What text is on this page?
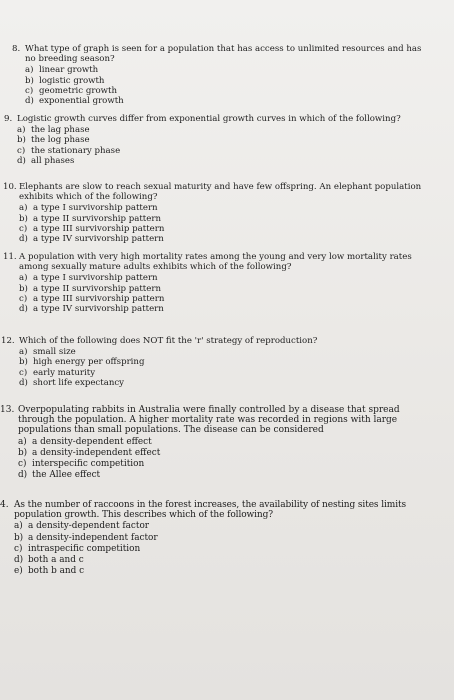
8. What type of graph is seen for a population that has access to unlimited resources and has no breeding season?
a) linear growth
b) logistic growth
c) geometric growth
d) exponential growth
9. Logistic growth curves differ from exponential growth curves in which of the following?
a) the lag phase
b) the log phase
c) the stationary phase
d) all phases
10. Elephants are slow to reach sexual maturity and have few offspring. An elephant population exhibits which of the following?
a) a type I survivorship pattern
b) a type II survivorship pattern
c) a type III survivorship pattern
d) a type IV survivorship pattern
11. A population with very high mortality rates among the young and very low mortality rates among sexually mature adults exhibits which of the following?
a) a type I survivorship pattern
b) a type II survivorship pattern
c) a type III survivorship pattern
d) a type IV survivorship pattern
12. Which of the following does NOT fit the 'r' strategy of reproduction?
a) small size
b) high energy per offspring
c) early maturity
d) short life expectancy
13. Overpopulating rabbits in Australia were finally controlled by a disease that spread through the population. A higher mortality rate was recorded in regions with large populations than small populations. The disease can be considered
a) a density-dependent effect
b) a density-independent effect
c) interspecific competition
d) the Allee effect
4. As the number of raccoons in the forest increases, the availability of nesting sites limits population growth. This describes which of the following?
a) a density-dependent factor
b) a density-independent factor
c) intraspecific competition
d) both a and c
e) both b and c
